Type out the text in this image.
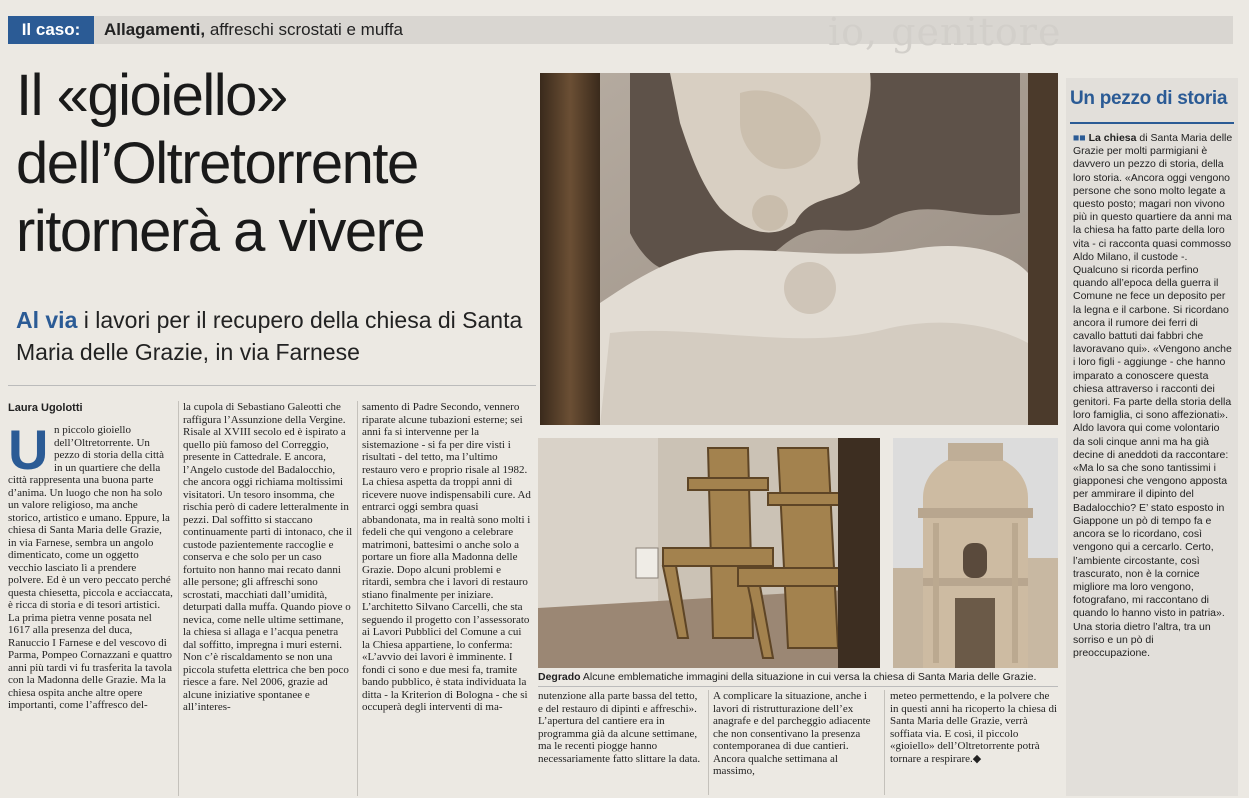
Il caso:	Allagamenti, affreschi scrostati e muffa	io, genitore
Il «gioiello» dell’Oltretorrente ritornerà a vivere
Al via i lavori per il recupero della chiesa di Santa Maria delle Grazie, in via Farnese
Laura Ugolotti
U n piccolo gioiello dell’Oltretorrente. Un pezzo di storia della città in un quartiere che della città rappresenta una buona parte d’anima. Un luogo che non ha solo un valore religioso, ma anche storico, artistico e umano. Eppure, la chiesa di Santa Maria delle Grazie, in via Farnese, sembra un angolo dimenticato, come un oggetto vecchio lasciato lì a prendere polvere. Ed è un vero peccato perché questa chiesetta, piccola e acciaccata, è ricca di storia e di tesori artistici. La prima pietra venne posata nel 1617 alla presenza del duca, Ranuccio I Farnese e del vescovo di Parma, Pompeo Cornazzani e quattro anni più tardi vi fu trasferita la tavola con la Madonna delle Grazie. Ma la chiesa ospita anche altre opere importanti, come l’affresco del-

la cupola di Sebastiano Galeotti che raffigura l’Assunzione della Vergine. Risale al XVIII secolo ed è ispirato a quello più famoso del Correggio, presente in Cattedrale. E ancora, l’Angelo custode del Badalocchio, che ancora oggi richiama moltissimi visitatori. Un tesoro insomma, che rischia però di cadere letteralmente in pezzi. Dal soffitto si staccano continuamente parti di intonaco, che il custode pazientemente raccoglie e conserva e che solo per un caso fortuito non hanno mai recato danni alle persone; gli affreschi sono scrostati, macchiati dall’umidità, deturpati dalla muffa. Quando piove o nevica, come nelle ultime settimane, la chiesa si allaga e l’acqua penetra dal soffitto, impregna i muri esterni. Non c’è riscaldamento se non una piccola stufetta elettrica che ben poco riesce a fare. Nel 2006, grazie ad alcune iniziative spontanee e all’interes-

samento di Padre Secondo, vennero riparate alcune tubazioni esterne; sei anni fa si intervenne per la sistemazione - si fa per dire visti i risultati - del tetto, ma l’ultimo restauro vero e proprio risale al 1982. La chiesa aspetta da troppi anni di ricevere nuove indispensabili cure. Ad entrarci oggi sembra quasi abbandonata, ma in realtà sono molti i fedeli che qui vengono a celebrare matrimoni, battesimi o anche solo a portare un fiore alla Madonna delle Grazie. Dopo alcuni problemi e ritardi, sembra che i lavori di restauro stiano finalmente per iniziare. L’architetto Silvano Carcelli, che sta seguendo il progetto con l’assessorato ai Lavori Pubblici del Comune a cui la Chiesa appartiene, lo conferma: «L’avvio dei lavori è imminente. I fondi ci sono e due mesi fa, tramite bando pubblico, è stata individuata la ditta - la Kriterion di Bologna - che si occuperà degli interventi di ma-

Degrado Alcune emblematiche immagini della situazione in cui versa la chiesa di Santa Maria delle Grazie.

nutenzione alla parte bassa del tetto, e del restauro di dipinti e affreschi». L’apertura del cantiere era in programma già da alcune settimane, ma le recenti piogge hanno necessariamente fatto slittare la data.

A complicare la situazione, anche i lavori di ristrutturazione dell’ex anagrafe e del parcheggio adiacente che non consentivano la presenza contemporanea di due cantieri. Ancora qualche settimana al massimo,

meteo permettendo, e la polvere che in questi anni ha ricoperto la chiesa di Santa Maria delle Grazie, verrà soffiata via. E così, il piccolo «gioiello» dell’Oltretorrente potrà tornare a respirare.◆

Un pezzo di storia

■■ La chiesa di Santa Maria delle Grazie per molti parmigiani è davvero un pezzo di storia, della loro storia. «Ancora oggi vengono persone che sono molto legate a questo posto; magari non vivono più in questo quartiere da anni ma la chiesa ha fatto parte della loro vita - ci racconta quasi commosso Aldo Milano, il custode -. Qualcuno si ricorda perfino quando all’epoca della guerra il Comune ne fece un deposito per la legna e il carbone. Si ricordano ancora il rumore dei ferri di cavallo battuti dai fabbri che lavoravano qui». «Vengono anche i loro figli - aggiunge - che hanno imparato a conoscere questa chiesa attraverso i racconti dei genitori. Fa parte della storia della loro famiglia, ci sono affezionati». Aldo lavora qui come volontario da soli cinque anni ma ha già decine di aneddoti da raccontare: «Ma lo sa che sono tantissimi i giapponesi che vengono apposta per ammirare il dipinto del Badalocchio? E’ stato esposto in Giappone un pò di tempo fa e ancora se lo ricordano, così vengono qui a cercarlo. Certo, l’ambiente circostante, così trascurato, non è la cornice migliore ma loro vengono, fotografano, mi raccontano di quando lo hanno visto in patria». Una storia dietro l’altra, tra un sorriso e un pò di preoccupazione.
